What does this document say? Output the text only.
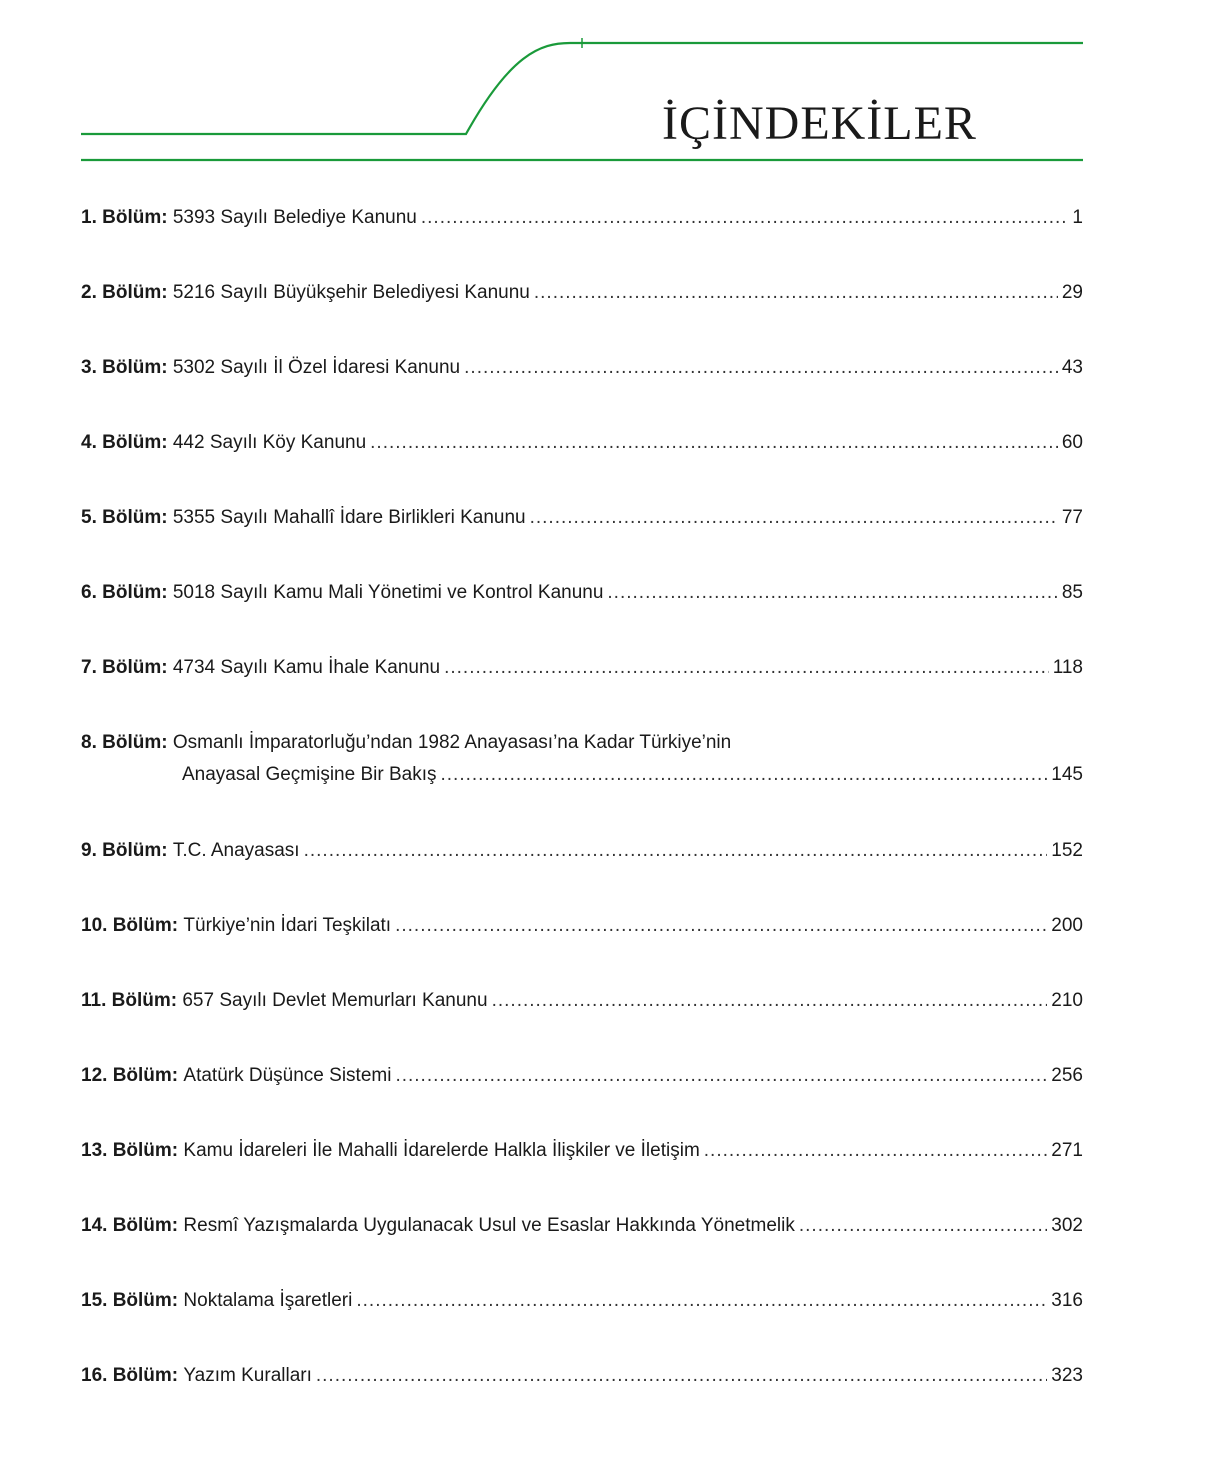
İÇİNDEKİLER
1. Bölüm:
5393 Sayılı Belediye Kanunu .....	1
2. Bölüm:
5216 Sayılı Büyükşehir Belediyesi Kanunu .....	29
3. Bölüm:
5302 Sayılı İl Özel İdaresi Kanunu .....	43
4. Bölüm:
442 Sayılı Köy Kanunu .....	60
5. Bölüm:
5355 Sayılı Mahallî İdare Birlikleri Kanunu .....	77
6. Bölüm:
5018 Sayılı Kamu Mali Yönetimi ve Kontrol Kanunu .....	85
7. Bölüm:
4734 Sayılı Kamu İhale Kanunu .....	118
8. Bölüm:
Osmanlı İmparatorluğu’ndan 1982 Anayasası’na Kadar Türkiye’nin
Anayasal Geçmişine Bir Bakış .....	145
9. Bölüm:
T.C. Anayasası .....	152
10. Bölüm:
Türkiye’nin İdari Teşkilatı .....	200
11. Bölüm:
657 Sayılı Devlet Memurları Kanunu .....	210
12. Bölüm:
Atatürk Düşünce Sistemi .....	256
13. Bölüm:
Kamu İdareleri İle Mahalli İdarelerde Halkla İlişkiler ve İletişim .....	271
14. Bölüm:
Resmî Yazışmalarda Uygulanacak Usul ve Esaslar Hakkında Yönetmelik .....	302
15. Bölüm:
Noktalama İşaretleri .....	316
16. Bölüm:
Yazım Kuralları .....	323
